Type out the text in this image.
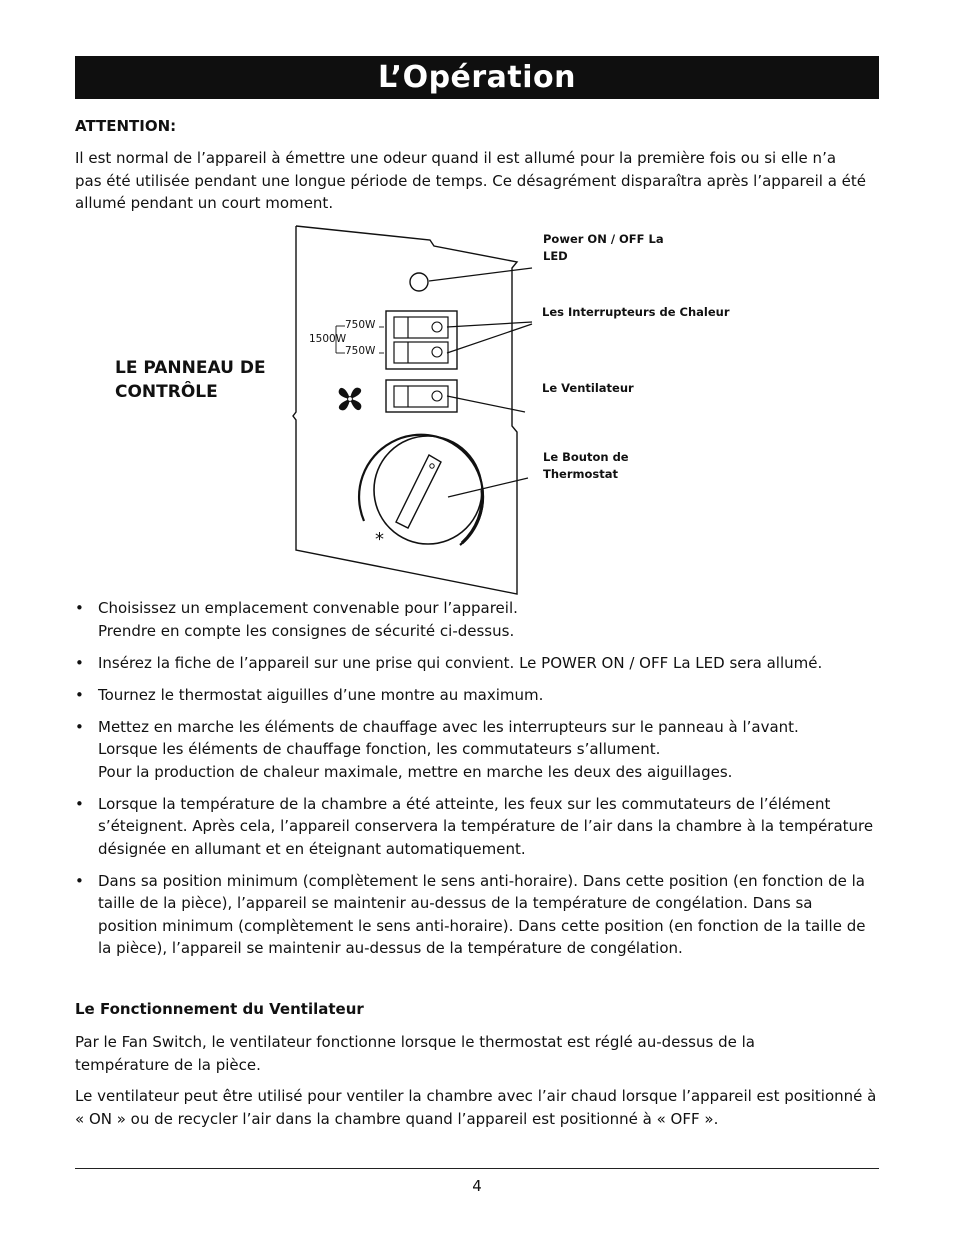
L’Opération
ATTENTION:
Il est normal de l’appareil à émettre une odeur quand il est allumé pour la première fois ou si elle n’a
pas été utilisée pendant une longue période de temps. Ce désagrément disparaîtra après l’appareil a été
allumé pendant un court moment.
Power ON / OFF La
LED
Les Interrupteurs de Chaleur
Le Ventilateur
Le Bouton de
Thermostat
750W
1500W
750W
*
LE PANNEAU DE
CONTRÔLE
• Choisissez un emplacement convenable pour l’appareil.
Prendre en compte les consignes de sécurité ci-dessus.
• Insérez la fiche de l’appareil sur une prise qui convient. Le POWER ON / OFF La LED sera allumé.
• Tournez le thermostat aiguilles d’une montre au maximum.
• Mettez en marche les éléments de chauffage avec les interrupteurs sur le panneau à l’avant.
Lorsque les éléments de chauffage fonction, les commutateurs s’allument.
Pour la production de chaleur maximale, mettre en marche les deux des aiguillages.
• Lorsque la température de la chambre a été atteinte, les feux sur les commutateurs de l’élément
s’éteignent. Après cela, l’appareil conservera la température de l’air dans la chambre à la température
désignée en allumant et en éteignant automatiquement.
• Dans sa position minimum (complètement le sens anti-horaire). Dans cette position (en fonction de la
taille de la pièce), l’appareil se maintenir au-dessus de la température de congélation. Dans sa
position minimum (complètement le sens anti-horaire). Dans cette position (en fonction de la taille de
la pièce), l’appareil se maintenir au-dessus de la température de congélation.
Le Fonctionnement du Ventilateur
Par le Fan Switch, le ventilateur fonctionne lorsque le thermostat est réglé au-dessus de la
température de la pièce.
Le ventilateur peut être utilisé pour ventiler la chambre avec l’air chaud lorsque l’appareil est positionné à
« ON » ou de recycler l’air dans la chambre quand l’appareil est positionné à « OFF ».
4
